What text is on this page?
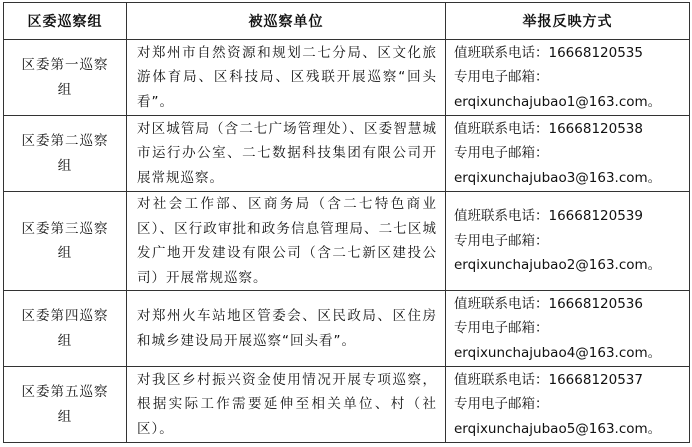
区委巡察组	被巡察单位	举报反映方式

区委第一巡察组	对郑州市自然资源和规划二七分局、区文化旅游体育局、区科技局、区残联开展巡察“回头看”。	值班联系电话：16668120535
专用电子邮箱：
erqixunchajubao1@163.com。

区委第二巡察组	对区城管局（含二七广场管理处）、区委智慧城市运行办公室、二七数据科技集团有限公司开展常规巡察。	值班联系电话：16668120538
专用电子邮箱：
erqixunchajubao3@163.com。

区委第三巡察组	对社会工作部、区商务局（含二七特色商业区）、区行政审批和政务信息管理局、二七区城发广地开发建设有限公司（含二七新区建投公司）开展常规巡察。	值班联系电话：16668120539
专用电子邮箱：
erqixunchajubao2@163.com。

区委第四巡察组	对郑州火车站地区管委会、区民政局、区住房和城乡建设局开展巡察“回头看”。	值班联系电话：16668120536
专用电子邮箱：
erqixunchajubao4@163.com。

区委第五巡察组	对我区乡村振兴资金使用情况开展专项巡察，根据实际工作需要延伸至相关单位、村（社区）。	值班联系电话：16668120537
专用电子邮箱：
erqixunchajubao5@163.com。
